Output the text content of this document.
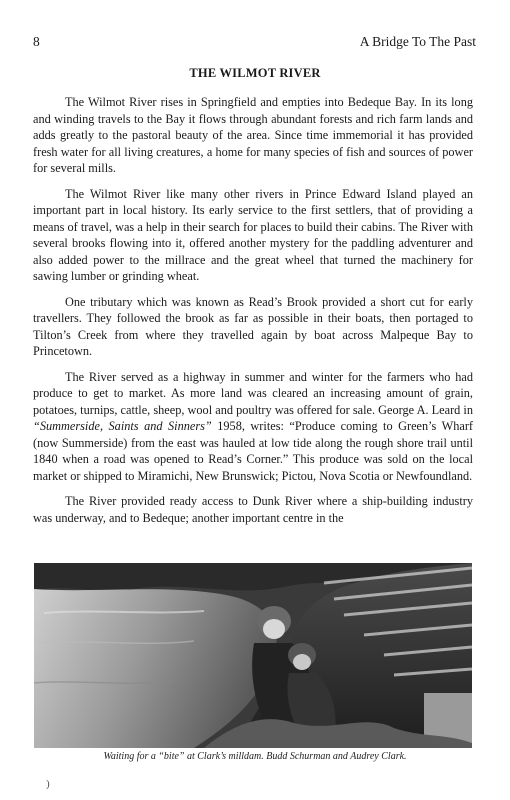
8	A Bridge To The Past
THE WILMOT RIVER

The Wilmot River rises in Springfield and empties into Bedeque Bay. In its long and winding travels to the Bay it flows through abundant forests and rich farm lands and adds greatly to the pastoral beauty of the area. Since time immemorial it has provided fresh water for all living creatures, a home for many species of fish and sources of power for several mills.

The Wilmot River like many other rivers in Prince Edward Island played an important part in local history. Its early service to the first settlers, that of providing a means of travel, was a help in their search for places to build their cabins. The River with several brooks flowing into it, offered another mystery for the paddling adventurer and also added power to the millrace and the great wheel that turned the machinery for sawing lumber or grinding wheat.

One tributary which was known as Read’s Brook provided a short cut for early travellers. They followed the brook as far as possible in their boats, then portaged to Tilton’s Creek from where they travelled again by boat across Malpeque Bay to Princetown.

The River served as a highway in summer and winter for the farmers who had produce to get to market. As more land was cleared an increasing amount of grain, potatoes, turnips, cattle, sheep, wool and poultry was offered for sale. George A. Leard in “Summerside, Saints and Sinners” 1958, writes: “Produce coming to Green’s Wharf (now Summerside) from the east was hauled at low tide along the rough shore trail until 1840 when a road was opened to Read’s Corner.” This produce was sold on the local market or shipped to Miramichi, New Brunswick; Pictou, Nova Scotia or Newfoundland.

The River provided ready access to Dunk River where a ship-building industry was underway, and to Bedeque; another important centre in the

Waiting for a “bite” at Clark’s milldam. Budd Schurman and Audrey Clark.
)
